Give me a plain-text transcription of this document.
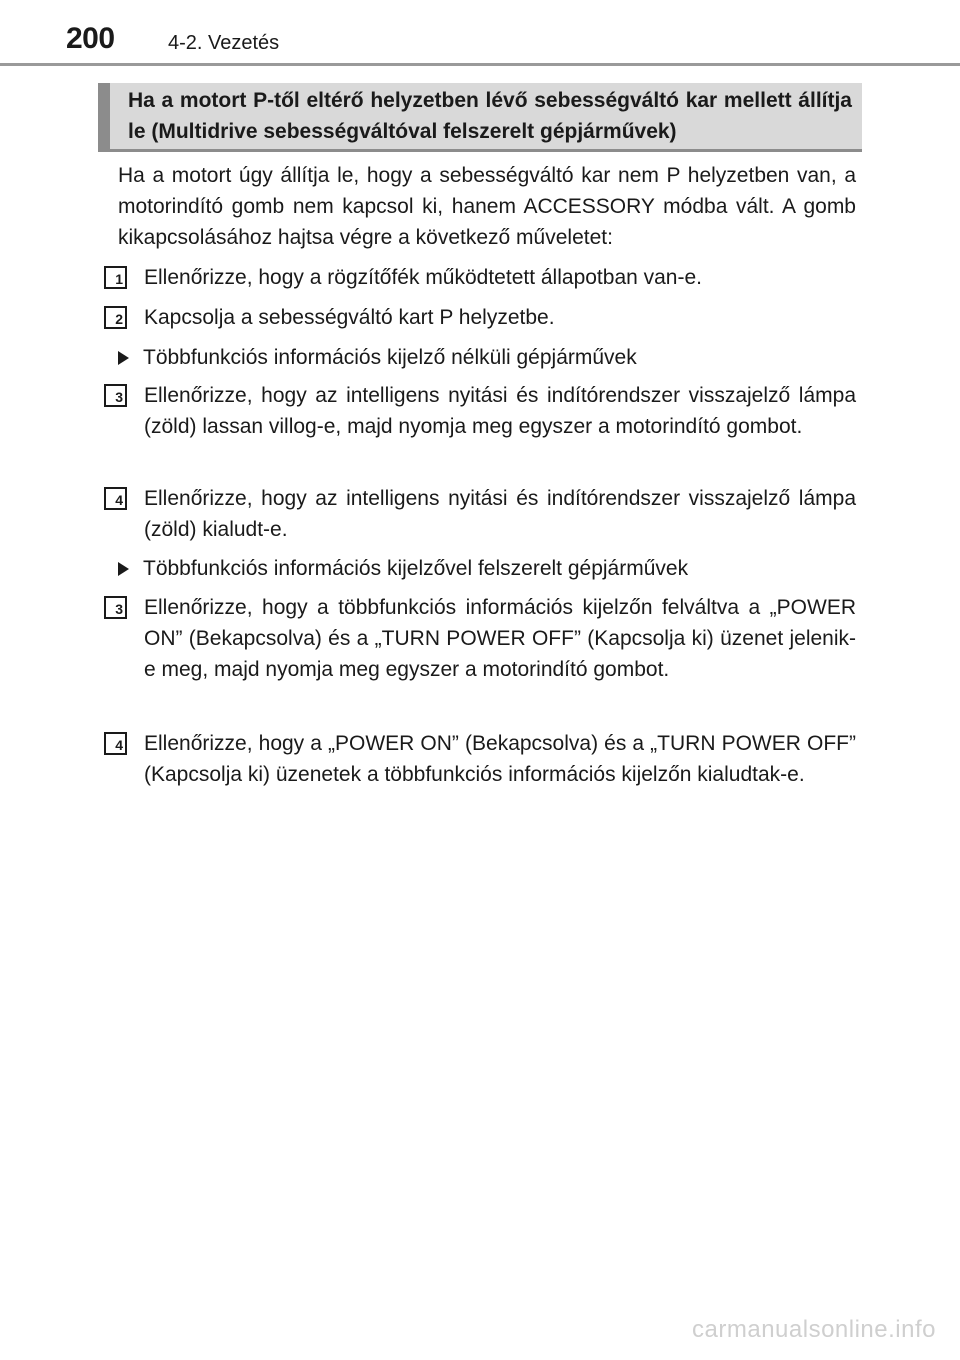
200	4-2. Vezetés
Ha a motort P-től eltérő helyzetben lévő sebességváltó kar mellett állítja le (Multidrive sebességváltóval felszerelt gépjárművek)
Ha a motort úgy állítja le, hogy a sebességváltó kar nem P helyzetben van, a motorindító gomb nem kapcsol ki, hanem ACCESSORY módba vált. A gomb kikapcsolásához hajtsa végre a következő műveletet:
1 Ellenőrizze, hogy a rögzítőfék működtetett állapotban van-e.
2 Kapcsolja a sebességváltó kart P helyzetbe.
Többfunkciós információs kijelző nélküli gépjárművek
3 Ellenőrizze, hogy az intelligens nyitási és indítórendszer visszajelző lámpa (zöld) lassan villog-e, majd nyomja meg egyszer a motorindító gombot.
4 Ellenőrizze, hogy az intelligens nyitási és indítórendszer visszajelző lámpa (zöld) kialudt-e.
Többfunkciós információs kijelzővel felszerelt gépjárművek
3 Ellenőrizze, hogy a többfunkciós információs kijelzőn felváltva a „POWER ON” (Bekapcsolva) és a „TURN POWER OFF” (Kapcsolja ki) üzenet jelenik-e meg, majd nyomja meg egyszer a motorindító gombot.
4 Ellenőrizze, hogy a „POWER ON” (Bekapcsolva) és a „TURN POWER OFF” (Kapcsolja ki) üzenetek a többfunkciós információs kijelzőn kialudtak-e.
carmanualsonline.info
